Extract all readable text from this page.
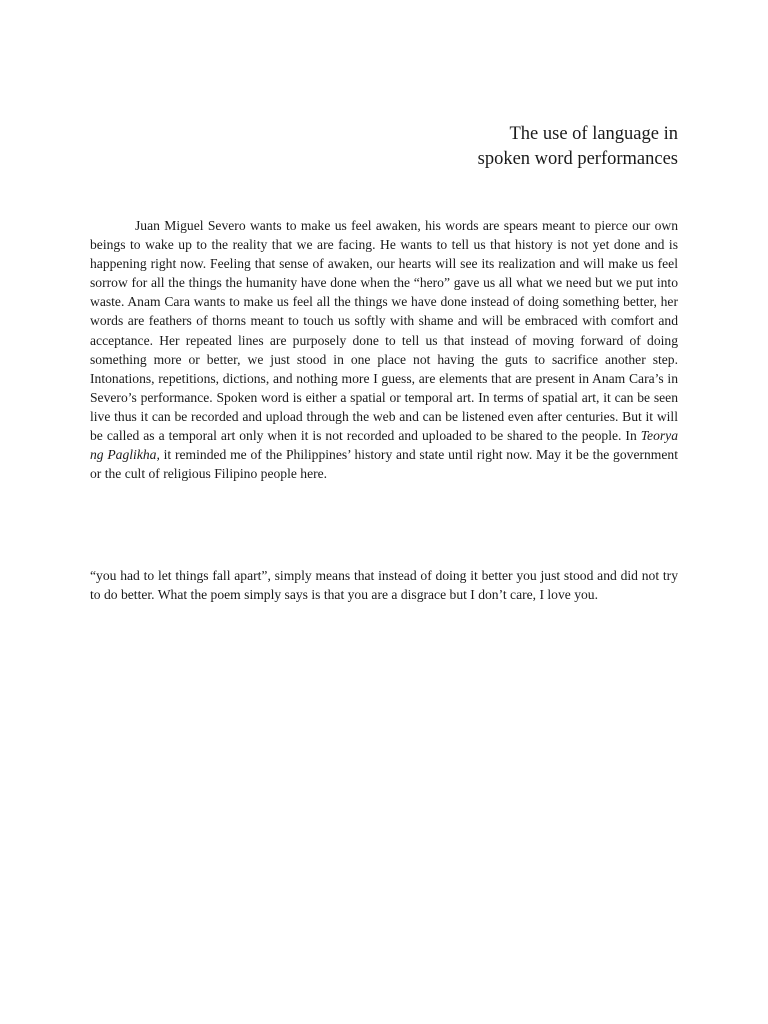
The use of language in
spoken word performances

Juan Miguel Severo wants to make us feel awaken, his words are spears meant to pierce our own beings to wake up to the reality that we are facing. He wants to tell us that history is not yet done and is happening right now. Feeling that sense of awaken, our hearts will see its realization and will make us feel sorrow for all the things the humanity have done when the “hero” gave us all what we need but we put into waste. Anam Cara wants to make us feel all the things we have done instead of doing something better, her words are feathers of thorns meant to touch us softly with shame and will be embraced with comfort and acceptance. Her repeated lines are purposely done to tell us that instead of moving forward of doing something more or better, we just stood in one place not having the guts to sacrifice another step. Intonations, repetitions, dictions, and nothing more I guess, are elements that are present in Anam Cara’s in Severo’s performance. Spoken word is either a spatial or temporal art. In terms of spatial art, it can be seen live thus it can be recorded and upload through the web and can be listened even after centuries. But it will be called as a temporal art only when it is not recorded and uploaded to be shared to the people. In Teorya ng Paglikha, it reminded me of the Philippines’ history and state until right now. May it be the government or the cult of religious Filipino people here.

“you had to let things fall apart”, simply means that instead of doing it better you just stood and did not try to do better. What the poem simply says is that you are a disgrace but I don’t care, I love you.
